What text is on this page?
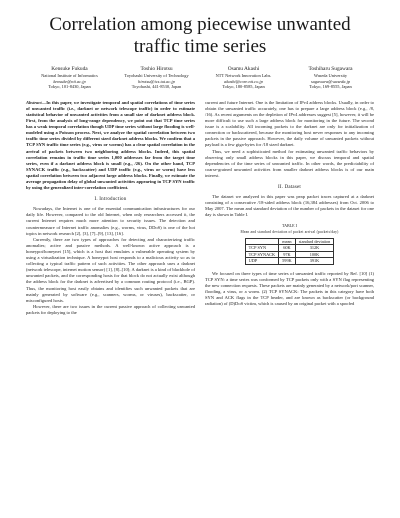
Correlation among piecewise unwanted traffic time series
Kensuke Fukuda
National Institute of Informatics
kensuke@nii.ac.jp
Tokyo, 101-8430, Japan
Toshio Hirotsu
Toyohashi University of Technology
hirotsu@ics.tut.ac.jp
Toyohashi, 441-8530, Japan
Osamu Akashi
NTT Network Innovation Labs.
akashi@core.ntt.co.jp
Tokyo, 180-8585, Japan
Toshiharu Sugawara
Waseda University
sugawara@waseda.jp
Tokyo, 169-8555, Japan

Abstract—In this paper, we investigate temporal and spatial correlations of time series of unwanted traffic (i.e., darknet or network telescope traffic) in order to estimate statistical behavior of unwanted activities from a small size of darknet address block. First, from the analysis of long-range dependency, we point out that TCP time series has a weak temporal correlation though UDP time series without large flooding is well-modeled using a Poisson process. Next, we analyze the spatial correlation between two traffic time series divided by different sized darknet address blocks. We confirm that a TCP SYN traffic time series (e.g., virus or worms) has a clear spatial correlation in the arrival of packets between two neighboring address blocks. Indeed, this spatial correlation remains in traffic time series 1,000 addresses far from the target time series, even if a darknet address block is small (e.g., /26). On the other hand, TCP SYNACK traffic (e.g., backscatter) and UDP traffic (e.g., virus or worm) have less spatial correlation between two adjacent large address blocks. Finally, we estimate the average propagation delay of global unwanted activities appearing in TCP SYN traffic by using the generalized inter-correlation coefficient.

I. Introduction

Nowadays, the Internet is one of the essential communication infrastructures for our daily life. However, compared to the old Internet, when only researchers accessed it, the current Internet requires much more attention to security issues. The detection and countermeasure of Internet traffic anomalies (e.g., worms, virus, DDoS) is one of the hot topics in network research [2], [3], [7]–[9], [13], [16].

Currently, there are two types of approaches for detecting and characterizing traffic anomalies; active and passive methods. A well-known active approach is a honeypot/honeynet [15], which is a host that emulates a vulnerable operating system by using a virtualization technique. A honeypot host responds to a malicious activity so as to collecting a typical traffic pattern of such activities. The other approach uses a darknet (network telescope, internet motion sensor) [1], [8]–[10]; A darknet is a kind of blackhole of unwanted packets, and the corresponding hosts for that block do not actually exist although the address block for the darknet is advertised by a common routing protocol (i.e., BGP). Thus, the monitoring host easily obtains and identifies such unwanted packets that are mainly generated by software (e.g., scanners, worms, or viruses), backscatter, or misconfigured hosts.

However, there are two issues in the current passive approach of collecting unwanted packets for deploying to the

current and future Internet. One is the limitation of IPv4 address blocks. Usually, in order to obtain the unwanted traffic accurately, one has to prepare a large address block (e.g., /8, /16). As recent arguments on the depletion of IPv4 addresses suggest [5], however, it will be more difficult to use such a large address block for monitoring in the future. The second issue is a scalability. All incoming packets to the darknet are only for initialization of connection or backscattered, because the monitoring host never responses to any incoming packets in the passive approach. However, the daily volume of unwanted packets without payload is a few giga-bytes for /18 sized darknet.

Thus, we need a sophisticated method for estimating unwanted traffic behaviors by observing only small address blocks in this paper, we discuss temporal and spatial dependencies of the time series of unwanted traffic. In other words, the predictability of coarse-grained unwanted activities from smaller darknet address blocks is of our main interest.

II. Dataset

The dataset we analyzed in this paper was peap packet traces captured at a darknet consisting of a consecutive /18-sided address block (16,384 addresses) from Oct. 2006 to May 2007. The mean and standard deviation of the number of packets in the dataset for one day is shown in Table I.

TABLE I
Mean and standard deviation of packet arrival (packets/day)
	mean	standard deviation
TCP SYN	60K	312K
TCP SYNACK	97K	100K
UDP	599K	391K

We focused on three types of time series of unwanted traffic reported by Ref. [10] (1) TCP SYN: a time series was conformed by TCP packets only with a SYN flag representing the new connection requests. These packets are mainly generated by a network/port scanner, flooding, a virus, or a worm. (2) TCP SYNACK: The packets in this category have both SYN and ACK flags in the TCP header, and are known as backscatter (or background radiation) of (D)DoS victim, which is caused by an original packet with a spoofed
